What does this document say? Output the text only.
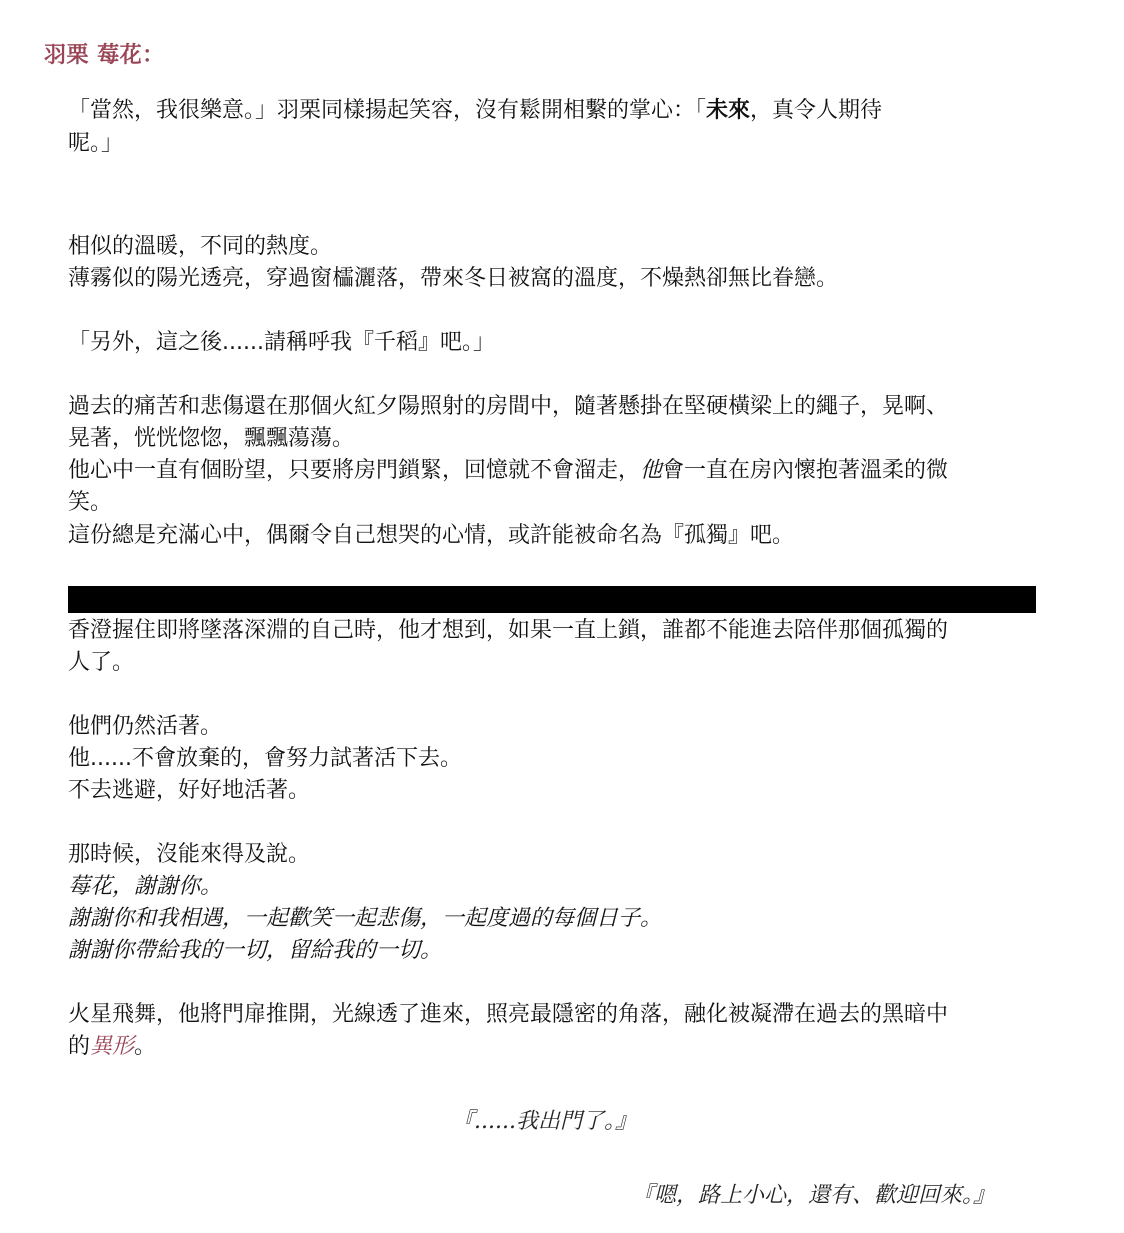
羽栗 莓花：
「當然，我很樂意。」羽栗同樣揚起笑容，沒有鬆開相繫的掌心：「未來，真令人期待
呢。」
相似的溫暖，不同的熱度。
薄霧似的陽光透亮，穿過窗櫺灑落，帶來冬日被窩的溫度，不燥熱卻無比眷戀。
「另外，這之後......請稱呼我『千稻』吧。」
過去的痛苦和悲傷還在那個火紅夕陽照射的房間中，隨著懸掛在堅硬橫梁上的繩子，晃啊、
晃著，恍恍惚惚，飄飄蕩蕩。
他心中一直有個盼望，只要將房門鎖緊，回憶就不會溜走，他會一直在房內懷抱著溫柔的微
笑。
這份總是充滿心中，偶爾令自己想哭的心情，或許能被命名為『孤獨』吧。
香澄握住即將墜落深淵的自己時，他才想到，如果一直上鎖，誰都不能進去陪伴那個孤獨的
人了。
他們仍然活著。
他......不會放棄的，會努力試著活下去。
不去逃避，好好地活著。
那時候，沒能來得及說。
莓花，謝謝你。
謝謝你和我相遇，一起歡笑一起悲傷，一起度過的每個日子。
謝謝你帶給我的一切，留給我的一切。
火星飛舞，他將門扉推開，光線透了進來，照亮最隱密的角落，融化被凝滯在過去的黑暗中
的異形。
『......我出門了。』
『嗯，路上小心，還有、歡迎回來。』
